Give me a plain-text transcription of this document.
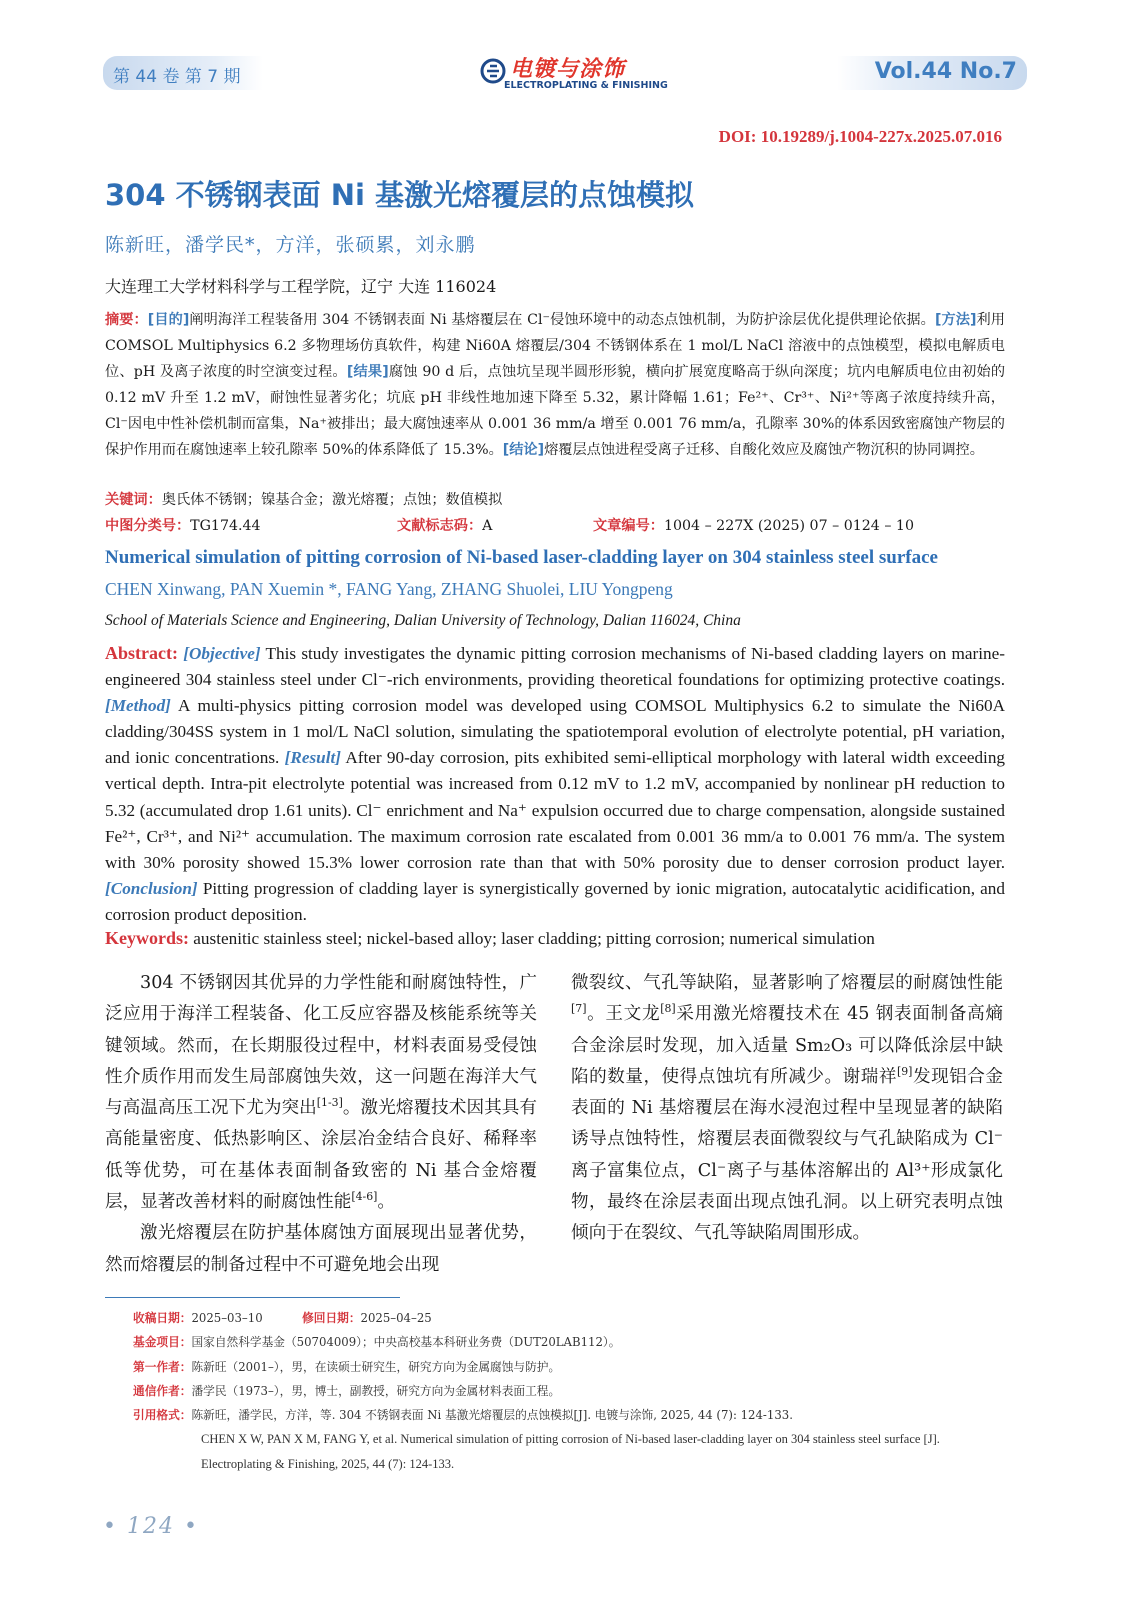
第 44 卷 第 7 期	电镀与涂饰
ELECTROPLATING & FINISHING
Vol.44 No.7
DOI: 10.19289/j.1004-227x.2025.07.016
304 不锈钢表面 Ni 基激光熔覆层的点蚀模拟
陈新旺，潘学民*，方洋，张硕累，刘永鹏
大连理工大学材料科学与工程学院，辽宁 大连 116024
摘要：[目的]阐明海洋工程装备用 304 不锈钢表面 Ni 基熔覆层在 Cl⁻侵蚀环境中的动态点蚀机制，为防护涂层优化提供理论依据。[方法]利用 COMSOL Multiphysics 6.2 多物理场仿真软件，构建 Ni60A 熔覆层/304 不锈钢体系在 1 mol/L NaCl 溶液中的点蚀模型，模拟电解质电位、pH 及离子浓度的时空演变过程。[结果]腐蚀 90 d 后，点蚀坑呈现半圆形形貌，横向扩展宽度略高于纵向深度；坑内电解质电位由初始的 0.12 mV 升至 1.2 mV，耐蚀性显著劣化；坑底 pH 非线性地加速下降至 5.32，累计降幅 1.61；Fe²⁺、Cr³⁺、Ni²⁺等离子浓度持续升高，Cl⁻因电中性补偿机制而富集，Na⁺被排出；最大腐蚀速率从 0.001 36 mm/a 增至 0.001 76 mm/a，孔隙率 30%的体系因致密腐蚀产物层的保护作用而在腐蚀速率上较孔隙率 50%的体系降低了 15.3%。[结论]熔覆层点蚀进程受离子迁移、自酸化效应及腐蚀产物沉积的协同调控。
关键词：奥氏体不锈钢；镍基合金；激光熔覆；点蚀；数值模拟
中图分类号：TG174.44	文献标志码：A	文章编号：1004 – 227X (2025) 07 – 0124 – 10
Numerical simulation of pitting corrosion of Ni-based laser-cladding layer on 304 stainless steel surface
CHEN Xinwang, PAN Xuemin *, FANG Yang, ZHANG Shuolei, LIU Yongpeng
School of Materials Science and Engineering, Dalian University of Technology, Dalian 116024, China
Abstract: [Objective] This study investigates the dynamic pitting corrosion mechanisms of Ni-based cladding layers on marine-engineered 304 stainless steel under Cl⁻-rich environments, providing theoretical foundations for optimizing protective coatings. [Method] A multi-physics pitting corrosion model was developed using COMSOL Multiphysics 6.2 to simulate the Ni60A cladding/304SS system in 1 mol/L NaCl solution, simulating the spatiotemporal evolution of electrolyte potential, pH variation, and ionic concentrations. [Result] After 90-day corrosion, pits exhibited semi-elliptical morphology with lateral width exceeding vertical depth. Intra-pit electrolyte potential was increased from 0.12 mV to 1.2 mV, accompanied by nonlinear pH reduction to 5.32 (accumulated drop 1.61 units). Cl⁻ enrichment and Na⁺ expulsion occurred due to charge compensation, alongside sustained Fe²⁺, Cr³⁺, and Ni²⁺ accumulation. The maximum corrosion rate escalated from 0.001 36 mm/a to 0.001 76 mm/a. The system with 30% porosity showed 15.3% lower corrosion rate than that with 50% porosity due to denser corrosion product layer. [Conclusion] Pitting progression of cladding layer is synergistically governed by ionic migration, autocatalytic acidification, and corrosion product deposition.
Keywords: austenitic stainless steel; nickel-based alloy; laser cladding; pitting corrosion; numerical simulation

304 不锈钢因其优异的力学性能和耐腐蚀特性，广泛应用于海洋工程装备、化工反应容器及核能系统等关键领域。然而，在长期服役过程中，材料表面易受侵蚀性介质作用而发生局部腐蚀失效，这一问题在海洋大气与高温高压工况下尤为突出[1-3]。激光熔覆技术因其具有高能量密度、低热影响区、涂层冶金结合良好、稀释率低等优势，可在基体表面制备致密的 Ni 基合金熔覆层，显著改善材料的耐腐蚀性能[4-6]。

激光熔覆层在防护基体腐蚀方面展现出显著优势，然而熔覆层的制备过程中不可避免地会出现

微裂纹、气孔等缺陷，显著影响了熔覆层的耐腐蚀性能[7]。王文龙[8]采用激光熔覆技术在 45 钢表面制备高熵合金涂层时发现，加入适量 Sm₂O₃ 可以降低涂层中缺陷的数量，使得点蚀坑有所减少。谢瑞祥[9]发现铝合金表面的 Ni 基熔覆层在海水浸泡过程中呈现显著的缺陷诱导点蚀特性，熔覆层表面微裂纹与气孔缺陷成为 Cl⁻离子富集位点，Cl⁻离子与基体溶解出的 Al³⁺形成氯化物，最终在涂层表面出现点蚀孔洞。以上研究表明点蚀倾向于在裂纹、气孔等缺陷周围形成。

收稿日期：2025–03–10	修回日期：2025–04–25
基金项目：国家自然科学基金（50704009）；中央高校基本科研业务费（DUT20LAB112）。
第一作者：陈新旺（2001–），男，在读硕士研究生，研究方向为金属腐蚀与防护。
通信作者：潘学民（1973–），男，博士，副教授，研究方向为金属材料表面工程。
引用格式：陈新旺，潘学民，方洋，等. 304 不锈钢表面 Ni 基激光熔覆层的点蚀模拟[J]. 电镀与涂饰, 2025, 44 (7): 124-133.
CHEN X W, PAN X M, FANG Y, et al. Numerical simulation of pitting corrosion of Ni-based laser-cladding layer on 304 stainless steel surface [J].
Electroplating & Finishing, 2025, 44 (7): 124-133.
• 124 •
